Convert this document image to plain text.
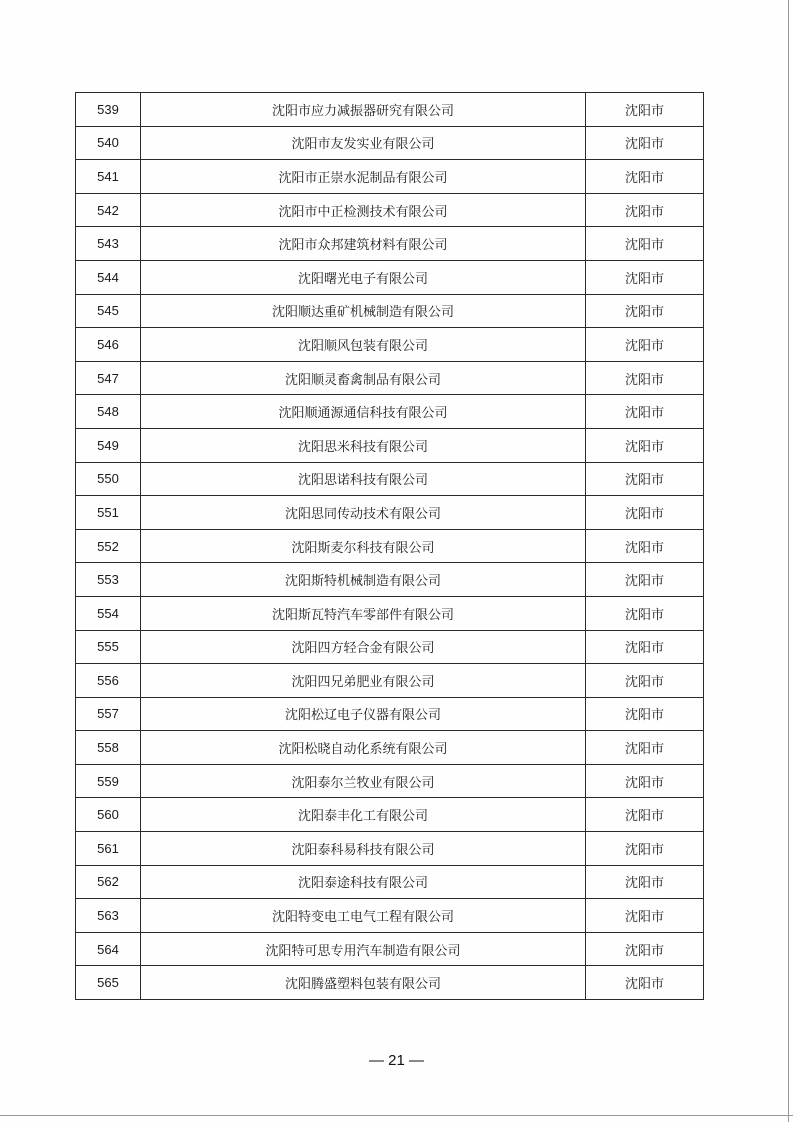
539	沈阳市应力减振器研究有限公司	沈阳市
540	沈阳市友发实业有限公司	沈阳市
541	沈阳市正崇水泥制品有限公司	沈阳市
542	沈阳市中正检测技术有限公司	沈阳市
543	沈阳市众邦建筑材料有限公司	沈阳市
544	沈阳曙光电子有限公司	沈阳市
545	沈阳顺达重矿机械制造有限公司	沈阳市
546	沈阳顺风包装有限公司	沈阳市
547	沈阳顺灵畜禽制品有限公司	沈阳市
548	沈阳顺通源通信科技有限公司	沈阳市
549	沈阳思米科技有限公司	沈阳市
550	沈阳思诺科技有限公司	沈阳市
551	沈阳思同传动技术有限公司	沈阳市
552	沈阳斯麦尔科技有限公司	沈阳市
553	沈阳斯特机械制造有限公司	沈阳市
554	沈阳斯瓦特汽车零部件有限公司	沈阳市
555	沈阳四方轻合金有限公司	沈阳市
556	沈阳四兄弟肥业有限公司	沈阳市
557	沈阳松辽电子仪器有限公司	沈阳市
558	沈阳松晓自动化系统有限公司	沈阳市
559	沈阳泰尔兰牧业有限公司	沈阳市
560	沈阳泰丰化工有限公司	沈阳市
561	沈阳泰科易科技有限公司	沈阳市
562	沈阳泰途科技有限公司	沈阳市
563	沈阳特变电工电气工程有限公司	沈阳市
564	沈阳特可思专用汽车制造有限公司	沈阳市
565	沈阳腾盛塑料包装有限公司	沈阳市
— 21 —
